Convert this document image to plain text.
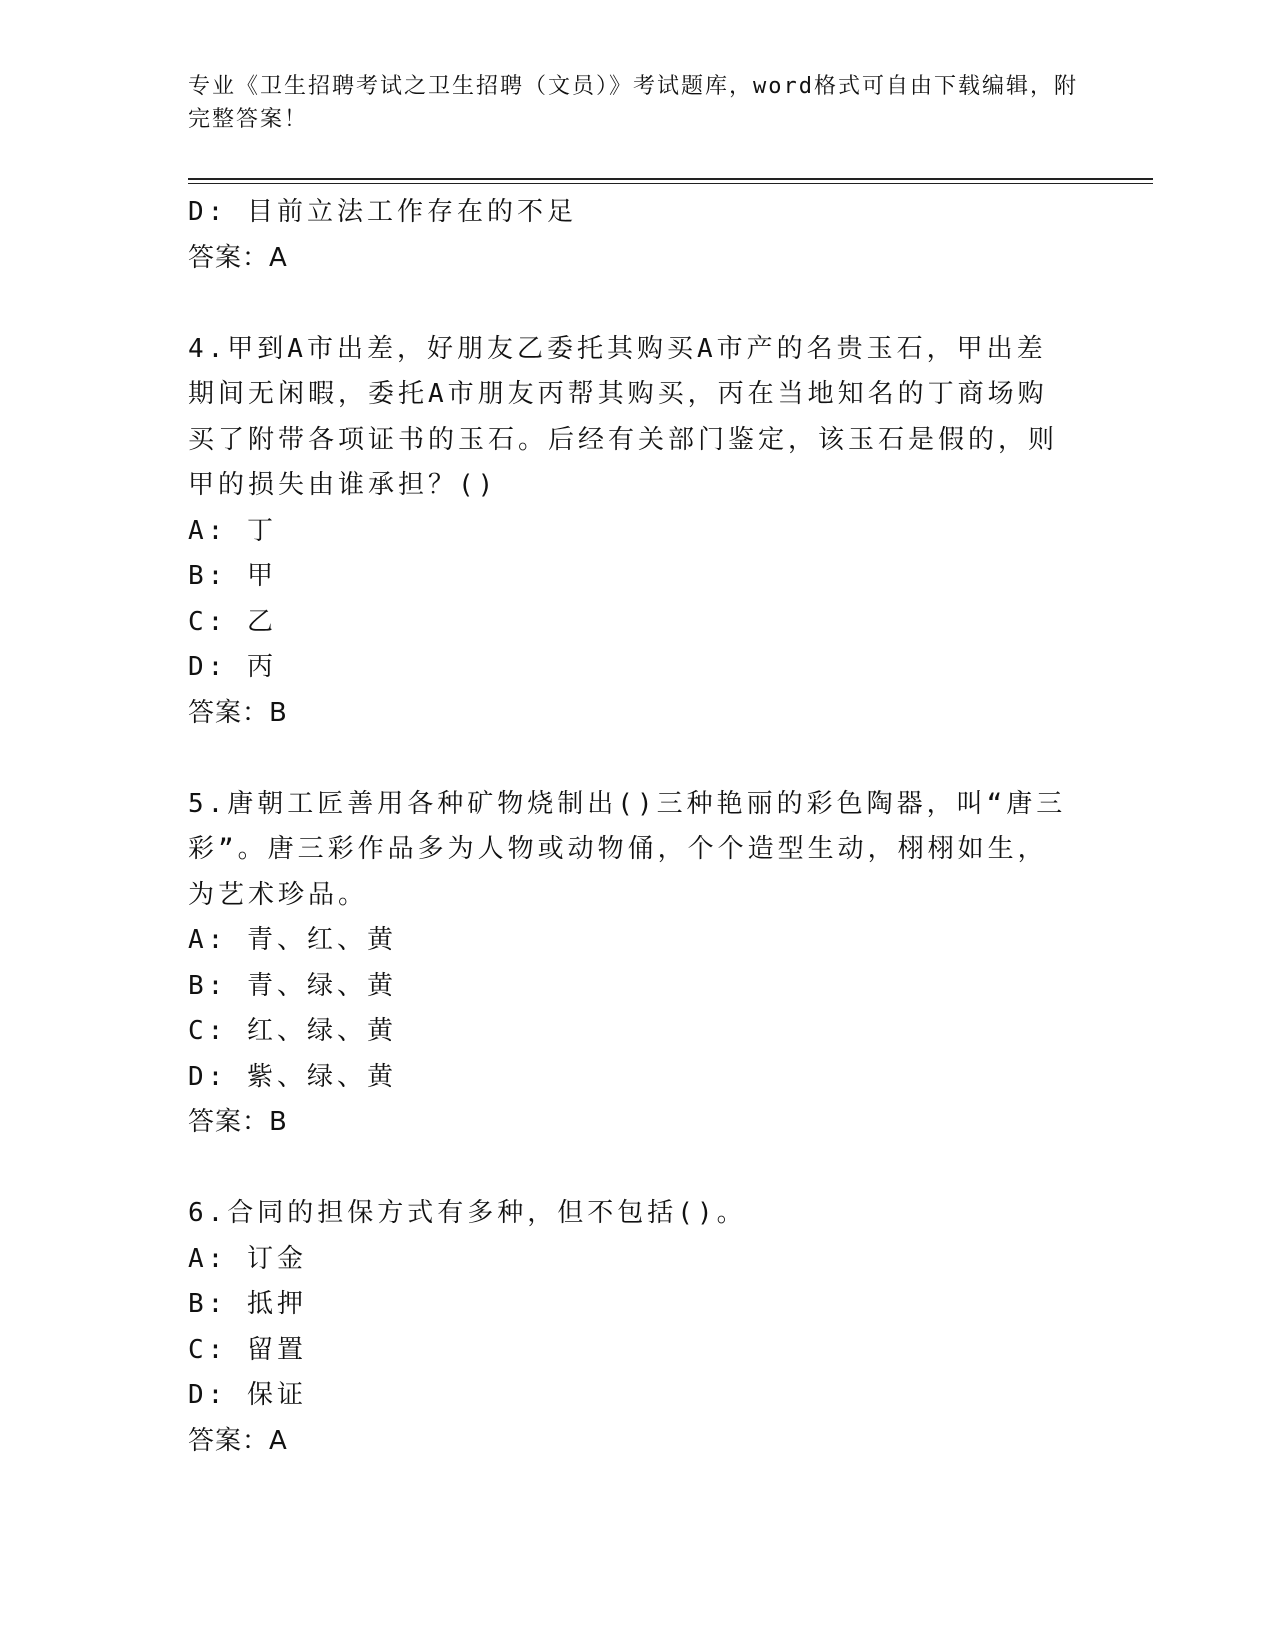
专业《卫生招聘考试之卫生招聘（文员）》考试题库，word格式可自由下载编辑，附完整答案！
D: 目前立法工作存在的不足
答案：A
4.甲到A市出差，好朋友乙委托其购买A市产的名贵玉石，甲出差期间无闲暇，委托A市朋友丙帮其购买，丙在当地知名的丁商场购买了附带各项证书的玉石。后经有关部门鉴定，该玉石是假的，则甲的损失由谁承担？()
A: 丁
B: 甲
C: 乙
D: 丙
答案：B
5.唐朝工匠善用各种矿物烧制出()三种艳丽的彩色陶器，叫“唐三彩”。唐三彩作品多为人物或动物俑，个个造型生动，栩栩如生，为艺术珍品。
A: 青、红、黄
B: 青、绿、黄
C: 红、绿、黄
D: 紫、绿、黄
答案：B
6.合同的担保方式有多种，但不包括()。
A: 订金
B: 抵押
C: 留置
D: 保证
答案：A
